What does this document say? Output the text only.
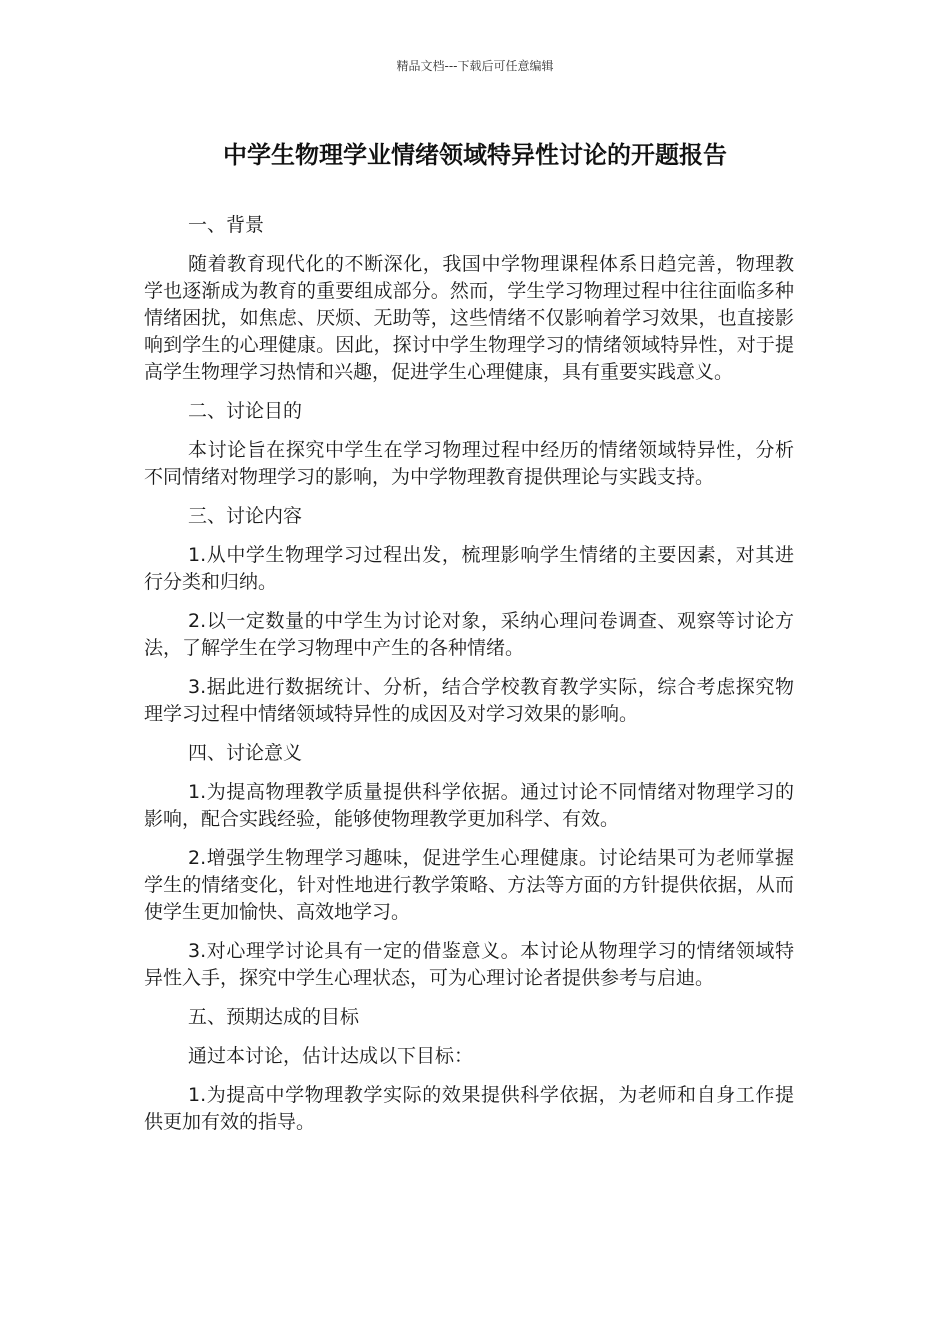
精品文档---下载后可任意编辑
中学生物理学业情绪领域特异性讨论的开题报告

一、背景

随着教育现代化的不断深化，我国中学物理课程体系日趋完善，物理教学也逐渐成为教育的重要组成部分。然而，学生学习物理过程中往往面临多种情绪困扰，如焦虑、厌烦、无助等，这些情绪不仅影响着学习效果，也直接影响到学生的心理健康。因此，探讨中学生物理学习的情绪领域特异性，对于提高学生物理学习热情和兴趣，促进学生心理健康，具有重要实践意义。

二、讨论目的

本讨论旨在探究中学生在学习物理过程中经历的情绪领域特异性，分析不同情绪对物理学习的影响，为中学物理教育提供理论与实践支持。

三、讨论内容

1.从中学生物理学习过程出发，梳理影响学生情绪的主要因素，对其进行分类和归纳。

2.以一定数量的中学生为讨论对象，采纳心理问卷调查、观察等讨论方法，了解学生在学习物理中产生的各种情绪。

3.据此进行数据统计、分析，结合学校教育教学实际，综合考虑探究物理学习过程中情绪领域特异性的成因及对学习效果的影响。

四、讨论意义

1.为提高物理教学质量提供科学依据。通过讨论不同情绪对物理学习的影响，配合实践经验，能够使物理教学更加科学、有效。

2.增强学生物理学习趣味，促进学生心理健康。讨论结果可为老师掌握学生的情绪变化，针对性地进行教学策略、方法等方面的方针提供依据，从而使学生更加愉快、高效地学习。

3.对心理学讨论具有一定的借鉴意义。本讨论从物理学习的情绪领域特异性入手，探究中学生心理状态，可为心理讨论者提供参考与启迪。

五、预期达成的目标

通过本讨论，估计达成以下目标：

1.为提高中学物理教学实际的效果提供科学依据，为老师和自身工作提供更加有效的指导。
